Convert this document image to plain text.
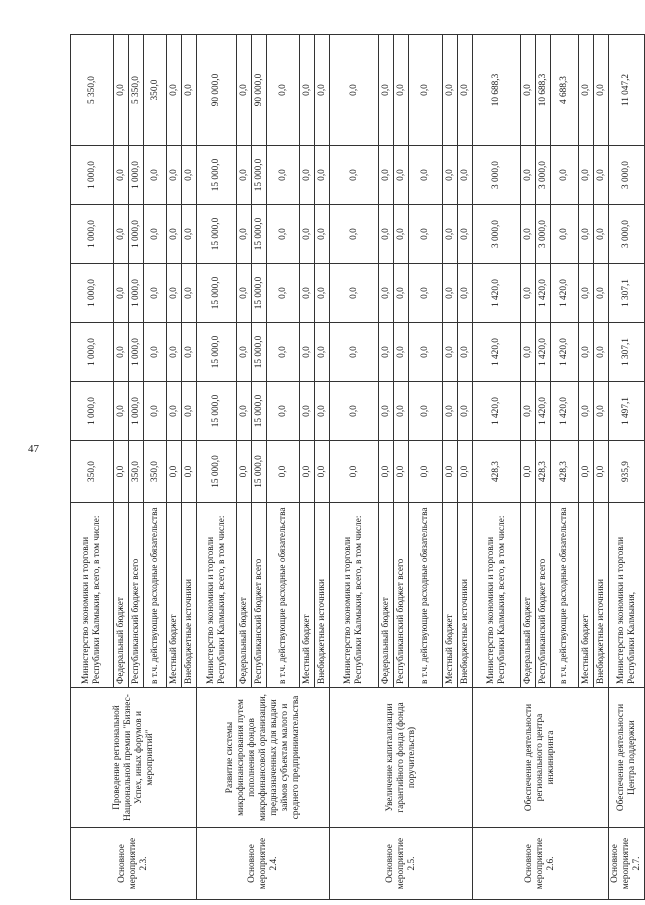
47
Основное мероприятие 2.3.	Проведение региональной Национальной премии "Бизнес-Успех, иных форумов и мероприятий"	Министерство экономики и торговли Республики Калмыкия, всего, в том числе:	350,0	1 000,0	1 000,0	1 000,0	1 000,0	1 000,0	5 350,0
		Федеральный бюджет	0,0	0,0	0,0	0,0	0,0	0,0	0,0
		Республиканский бюджет всего	350,0	1 000,0	1 000,0	1 000,0	1 000,0	1 000,0	5 350,0
		в т.ч. действующие расходные обязательства	350,0	0,0	0,0	0,0	0,0	0,0	350,0
		Местный бюджет	0,0	0,0	0,0	0,0	0,0	0,0	0,0
		Внебюджетные источники	0,0	0,0	0,0	0,0	0,0	0,0	0,0
Основное мероприятие 2.4.	Развитие системы микрофинансирования путем пополнения фондов микрофинансовой организации, предназначенных для выдачи займов субъектам малого и среднего предпринимательства	Министерство экономики и торговли Республики Калмыкия, всего, в том числе:	15 000,0	15 000,0	15 000,0	15 000,0	15 000,0	15 000,0	90 000,0
		Федеральный бюджет	0,0	0,0	0,0	0,0	0,0	0,0	0,0
		Республиканский бюджет всего	15 000,0	15 000,0	15 000,0	15 000,0	15 000,0	15 000,0	90 000,0
		в т.ч. действующие расходные обязательства	0,0	0,0	0,0	0,0	0,0	0,0	0,0
		Местный бюджет	0,0	0,0	0,0	0,0	0,0	0,0	0,0
		Внебюджетные источники	0,0	0,0	0,0	0,0	0,0	0,0	0,0
Основное мероприятие 2.5.	Увеличение капитализации гарантийного фонда (фонда поручительств)	Министерство экономики и торговли Республики Калмыкия, всего, в том числе:	0,0	0,0	0,0	0,0	0,0	0,0	0,0
		Федеральный бюджет	0,0	0,0	0,0	0,0	0,0	0,0	0,0
		Республиканский бюджет всего	0,0	0,0	0,0	0,0	0,0	0,0	0,0
		в т.ч. действующие расходные обязательства	0,0	0,0	0,0	0,0	0,0	0,0	0,0
		Местный бюджет	0,0	0,0	0,0	0,0	0,0	0,0	0,0
		Внебюджетные источники	0,0	0,0	0,0	0,0	0,0	0,0	0,0
Основное мероприятие 2.6.	Обеспечение деятельности регионального центра инжиниринга	Министерство экономики и торговли Республики Калмыкия, всего, в том числе:	428,3	1 420,0	1 420,0	1 420,0	3 000,0	3 000,0	10 688,3
		Федеральный бюджет	0,0	0,0	0,0	0,0	0,0	0,0	0,0
		Республиканский бюджет всего	428,3	1 420,0	1 420,0	1 420,0	3 000,0	3 000,0	10 688,3
		в т.ч. действующие расходные обязательства	428,3	1 420,0	1 420,0	1 420,0	0,0	0,0	4 688,3
		Местный бюджет	0,0	0,0	0,0	0,0	0,0	0,0	0,0
		Внебюджетные источники	0,0	0,0	0,0	0,0	0,0	0,0	0,0
Основное мероприятие 2.7.	Обеспечение деятельности Центра поддержки	Министерство экономики и торговли Республики Калмыкия,	935,9	1 497,1	1 307,1	1 307,1	3 000,0	3 000,0	11 047,2
